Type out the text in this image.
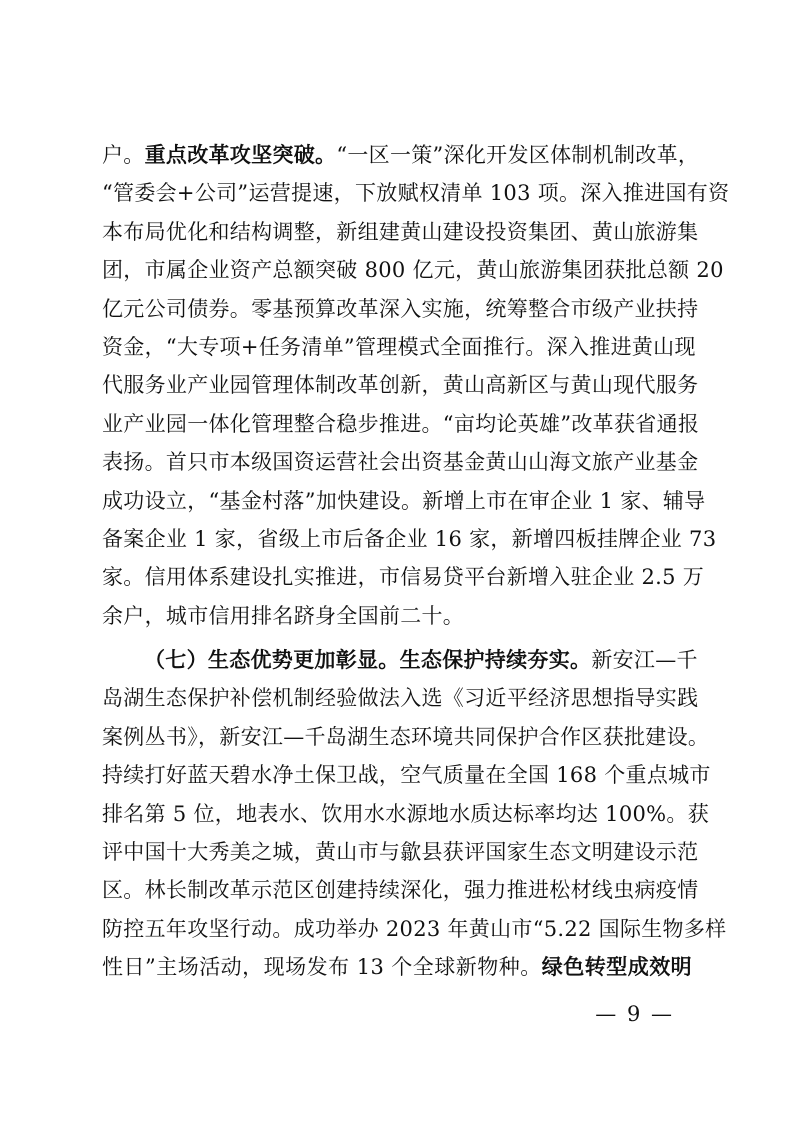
户。重点改革攻坚突破。“一区一策”深化开发区体制机制改革，
“管委会+公司”运营提速，下放赋权清单 103 项。深入推进国有资
本布局优化和结构调整，新组建黄山建设投资集团、黄山旅游集
团，市属企业资产总额突破 800 亿元，黄山旅游集团获批总额 20
亿元公司债券。零基预算改革深入实施，统筹整合市级产业扶持
资金，“大专项+任务清单”管理模式全面推行。深入推进黄山现
代服务业产业园管理体制改革创新，黄山高新区与黄山现代服务
业产业园一体化管理整合稳步推进。“亩均论英雄”改革获省通报
表扬。首只市本级国资运营社会出资基金黄山山海文旅产业基金
成功设立，“基金村落”加快建设。新增上市在审企业 1 家、辅导
备案企业 1 家，省级上市后备企业 16 家，新增四板挂牌企业 73
家。信用体系建设扎实推进，市信易贷平台新增入驻企业 2.5 万
余户，城市信用排名跻身全国前二十。
（七）生态优势更加彰显。生态保护持续夯实。新安江—千
岛湖生态保护补偿机制经验做法入选《习近平经济思想指导实践
案例丛书》，新安江—千岛湖生态环境共同保护合作区获批建设。
持续打好蓝天碧水净土保卫战，空气质量在全国 168 个重点城市
排名第 5 位，地表水、饮用水水源地水质达标率均达 100%。获
评中国十大秀美之城，黄山市与歙县获评国家生态文明建设示范
区。林长制改革示范区创建持续深化，强力推进松材线虫病疫情
防控五年攻坚行动。成功举办 2023 年黄山市“5.22 国际生物多样
性日”主场活动，现场发布 13 个全球新物种。绿色转型成效明
— 9 —
